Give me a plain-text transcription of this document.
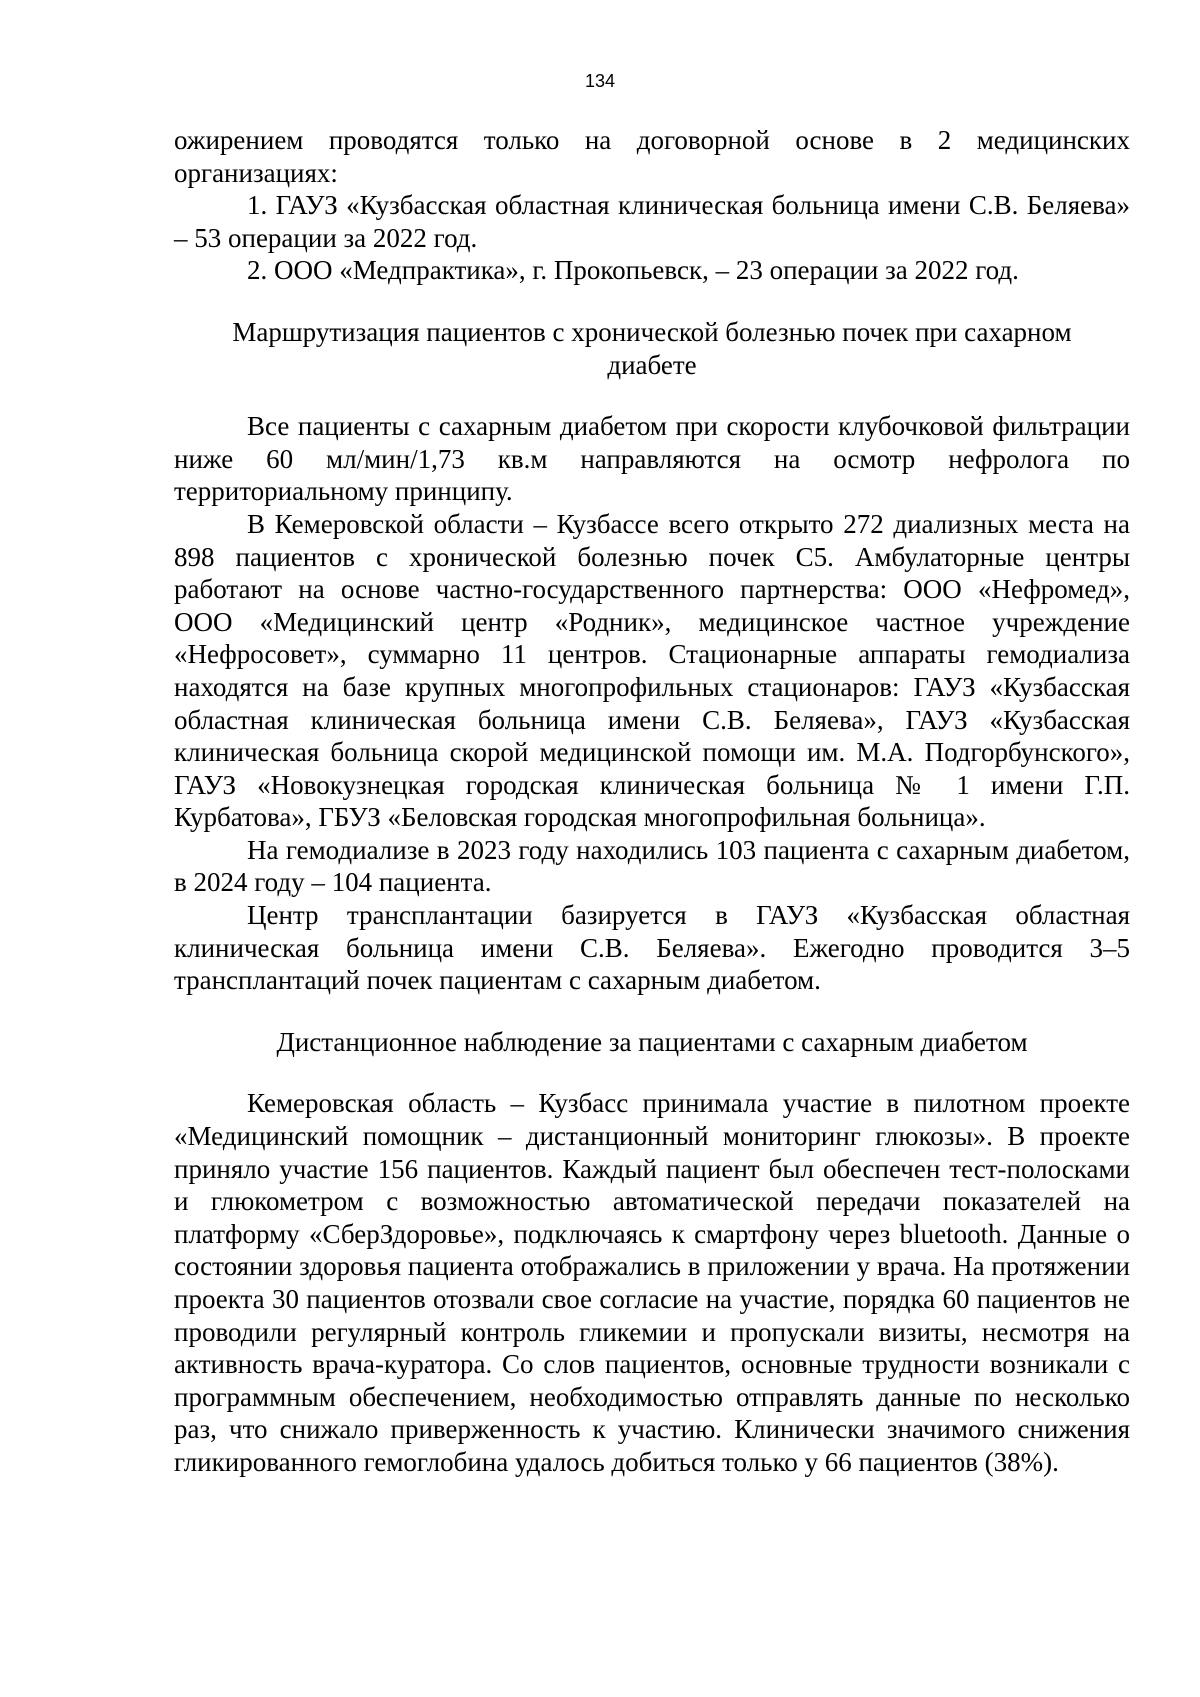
134

ожирением проводятся только на договорной основе в 2 медицинских организациях:

1. ГАУЗ «Кузбасская областная клиническая больница имени С.В. Беляева» – 53 операции за 2022 год.

2. ООО «Медпрактика», г. Прокопьевск, – 23 операции за 2022 год.

Маршрутизация пациентов с хронической болезнью почек при сахарном диабете

Все пациенты с сахарным диабетом при скорости клубочковой фильтрации ниже 60 мл/мин/1,73 кв.м направляются на осмотр нефролога по территориальному принципу.

В Кемеровской области – Кузбассе всего открыто 272 диализных места на 898 пациентов с хронической болезнью почек С5. Амбулаторные центры работают на основе частно-государственного партнерства: ООО «Нефромед», ООО «Медицинский центр «Родник», медицинское частное учреждение «Нефросовет», суммарно 11 центров. Стационарные аппараты гемодиализа находятся на базе крупных многопрофильных стационаров: ГАУЗ «Кузбасская областная клиническая больница имени С.В. Беляева», ГАУЗ «Кузбасская клиническая больница скорой медицинской помощи им. М.А. Подгорбунского», ГАУЗ «Новокузнецкая городская клиническая больница № 1 имени Г.П. Курбатова», ГБУЗ «Беловская городская многопрофильная больница».

На гемодиализе в 2023 году находились 103 пациента с сахарным диабетом, в 2024 году – 104 пациента.

Центр трансплантации базируется в ГАУЗ «Кузбасская областная клиническая больница имени С.В. Беляева». Ежегодно проводится 3–5 трансплантаций почек пациентам с сахарным диабетом.

Дистанционное наблюдение за пациентами с сахарным диабетом

Кемеровская область – Кузбасс принимала участие в пилотном проекте «Медицинский помощник – дистанционный мониторинг глюкозы». В проекте приняло участие 156 пациентов. Каждый пациент был обеспечен тест-полосками и глюкометром с возможностью автоматической передачи показателей на платформу «СберЗдоровье», подключаясь к смартфону через bluetooth. Данные о состоянии здоровья пациента отображались в приложении у врача. На протяжении проекта 30 пациентов отозвали свое согласие на участие, порядка 60 пациентов не проводили регулярный контроль гликемии и пропускали визиты, несмотря на активность врача-куратора. Со слов пациентов, основные трудности возникали с программным обеспечением, необходимостью отправлять данные по несколько раз, что снижало приверженность к участию. Клинически значимого снижения гликированного гемоглобина удалось добиться только у 66 пациентов (38%).
